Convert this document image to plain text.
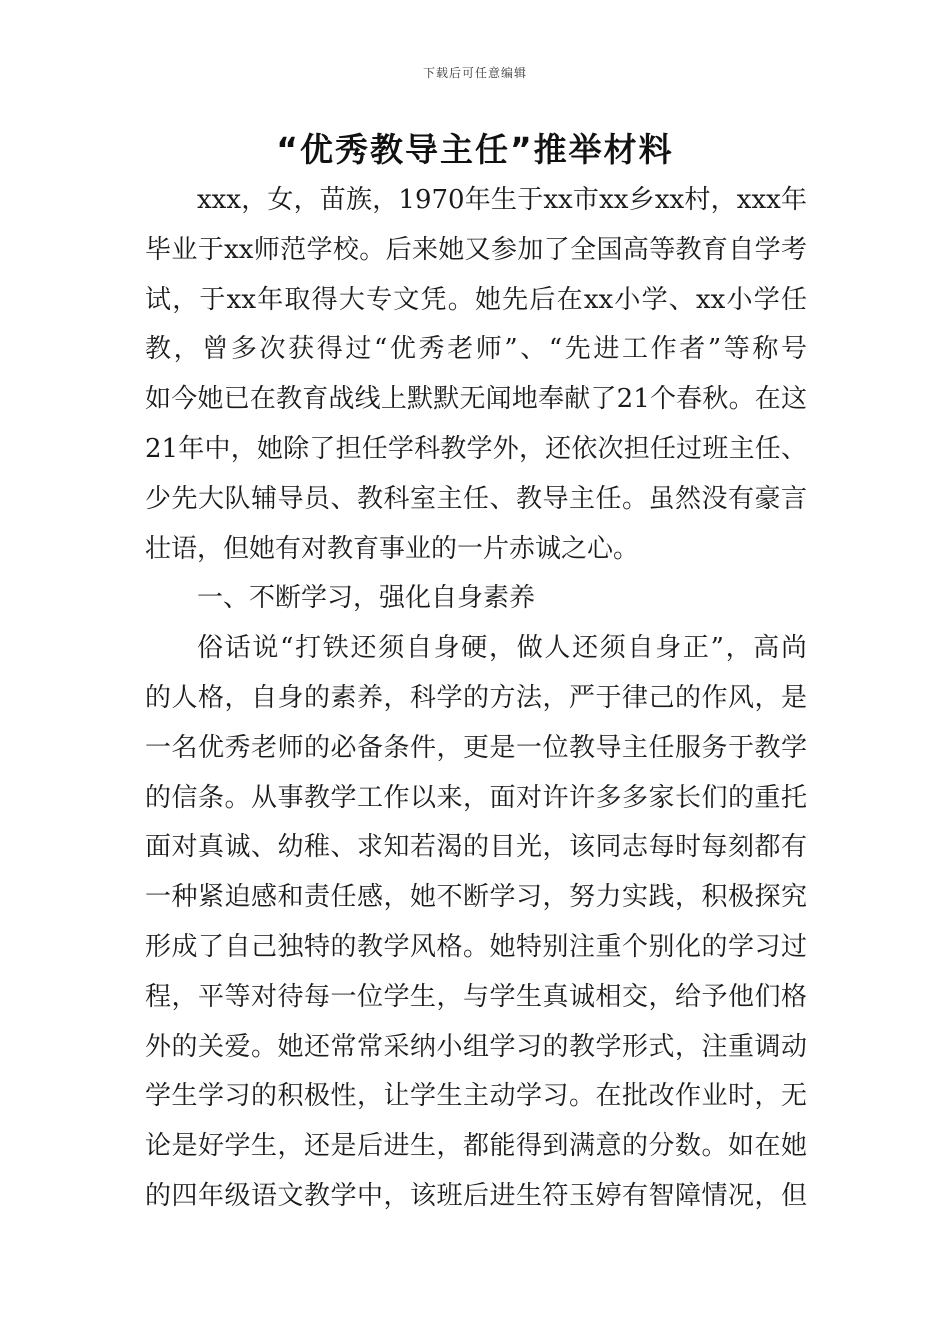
下载后可任意编辑
“优秀教导主任”推举材料
xxx，女，苗族，1970年生于xx市xx乡xx村，xxx年
毕业于xx师范学校。后来她又参加了全国高等教育自学考
试，于xx年取得大专文凭。她先后在xx小学、xx小学任
教，曾多次获得过“优秀老师”、“先进工作者”等称号
如今她已在教育战线上默默无闻地奉献了21个春秋。在这
21年中，她除了担任学科教学外，还依次担任过班主任、
少先大队辅导员、教科室主任、教导主任。虽然没有豪言
壮语，但她有对教育事业的一片赤诚之心。
一、不断学习，强化自身素养
俗话说“打铁还须自身硬，做人还须自身正”，高尚
的人格，自身的素养，科学的方法，严于律己的作风，是
一名优秀老师的必备条件，更是一位教导主任服务于教学
的信条。从事教学工作以来，面对许许多多家长们的重托
面对真诚、幼稚、求知若渴的目光，该同志每时每刻都有
一种紧迫感和责任感，她不断学习，努力实践，积极探究
形成了自己独特的教学风格。她特别注重个别化的学习过
程，平等对待每一位学生，与学生真诚相交，给予他们格
外的关爱。她还常常采纳小组学习的教学形式，注重调动
学生学习的积极性，让学生主动学习。在批改作业时，无
论是好学生，还是后进生，都能得到满意的分数。如在她
的四年级语文教学中，该班后进生符玉婷有智障情况，但
